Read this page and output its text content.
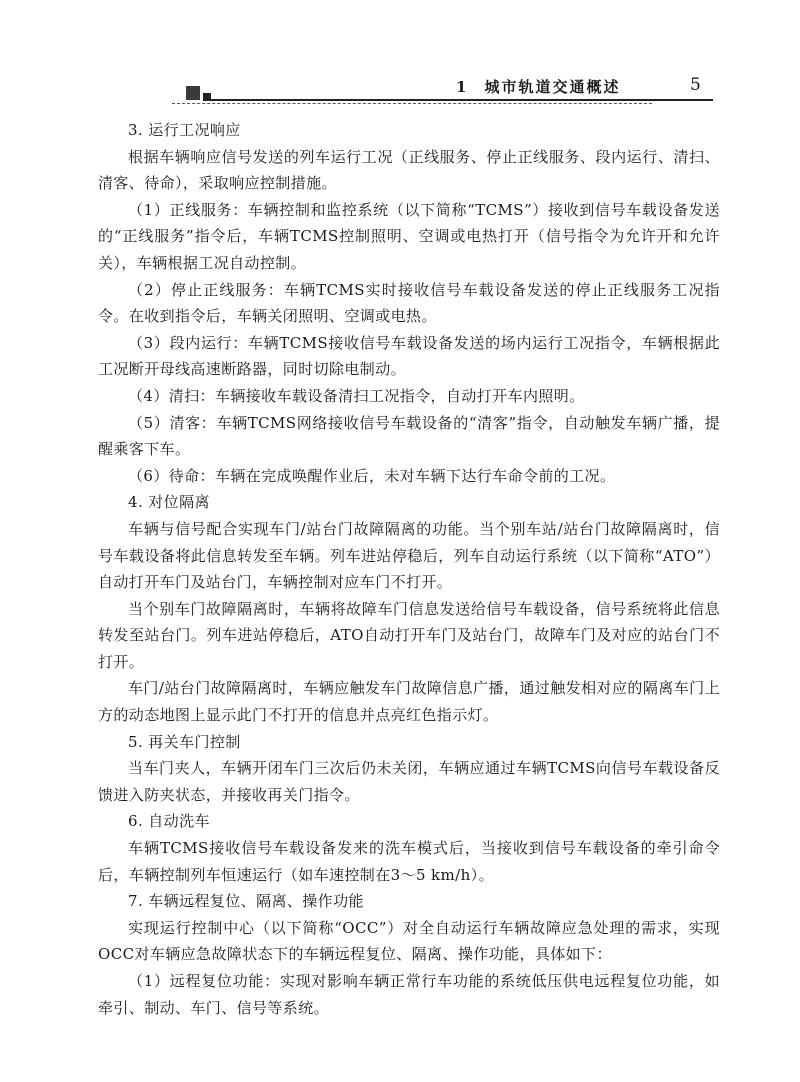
1 城市轨道交通概述	5

3. 运行工况响应

根据车辆响应信号发送的列车运行工况（正线服务、停止正线服务、段内运行、清扫、清客、待命），采取响应控制措施。

（1）正线服务：车辆控制和监控系统（以下简称“TCMS”）接收到信号车载设备发送的“正线服务”指令后，车辆TCMS控制照明、空调或电热打开（信号指令为允许开和允许关），车辆根据工况自动控制。

（2）停止正线服务：车辆TCMS实时接收信号车载设备发送的停止正线服务工况指令。在收到指令后，车辆关闭照明、空调或电热。

（3）段内运行：车辆TCMS接收信号车载设备发送的场内运行工况指令，车辆根据此工况断开母线高速断路器，同时切除电制动。

（4）清扫：车辆接收车载设备清扫工况指令，自动打开车内照明。

（5）清客：车辆TCMS网络接收信号车载设备的“清客”指令，自动触发车辆广播，提醒乘客下车。

（6）待命：车辆在完成唤醒作业后，未对车辆下达行车命令前的工况。

4. 对位隔离

车辆与信号配合实现车门/站台门故障隔离的功能。当个别车站/站台门故障隔离时，信号车载设备将此信息转发至车辆。列车进站停稳后，列车自动运行系统（以下简称“ATO”）自动打开车门及站台门，车辆控制对应车门不打开。

当个别车门故障隔离时，车辆将故障车门信息发送给信号车载设备，信号系统将此信息转发至站台门。列车进站停稳后，ATO自动打开车门及站台门，故障车门及对应的站台门不打开。

车门/站台门故障隔离时，车辆应触发车门故障信息广播，通过触发相对应的隔离车门上方的动态地图上显示此门不打开的信息并点亮红色指示灯。

5. 再关车门控制

当车门夹人，车辆开闭车门三次后仍未关闭，车辆应通过车辆TCMS向信号车载设备反馈进入防夹状态，并接收再关门指令。

6. 自动洗车

车辆TCMS接收信号车载设备发来的洗车模式后，当接收到信号车载设备的牵引命令后，车辆控制列车恒速运行（如车速控制在3～5 km/h）。

7. 车辆远程复位、隔离、操作功能

实现运行控制中心（以下简称“OCC”）对全自动运行车辆故障应急处理的需求，实现OCC对车辆应急故障状态下的车辆远程复位、隔离、操作功能，具体如下：

（1）远程复位功能：实现对影响车辆正常行车功能的系统低压供电远程复位功能，如牵引、制动、车门、信号等系统。
